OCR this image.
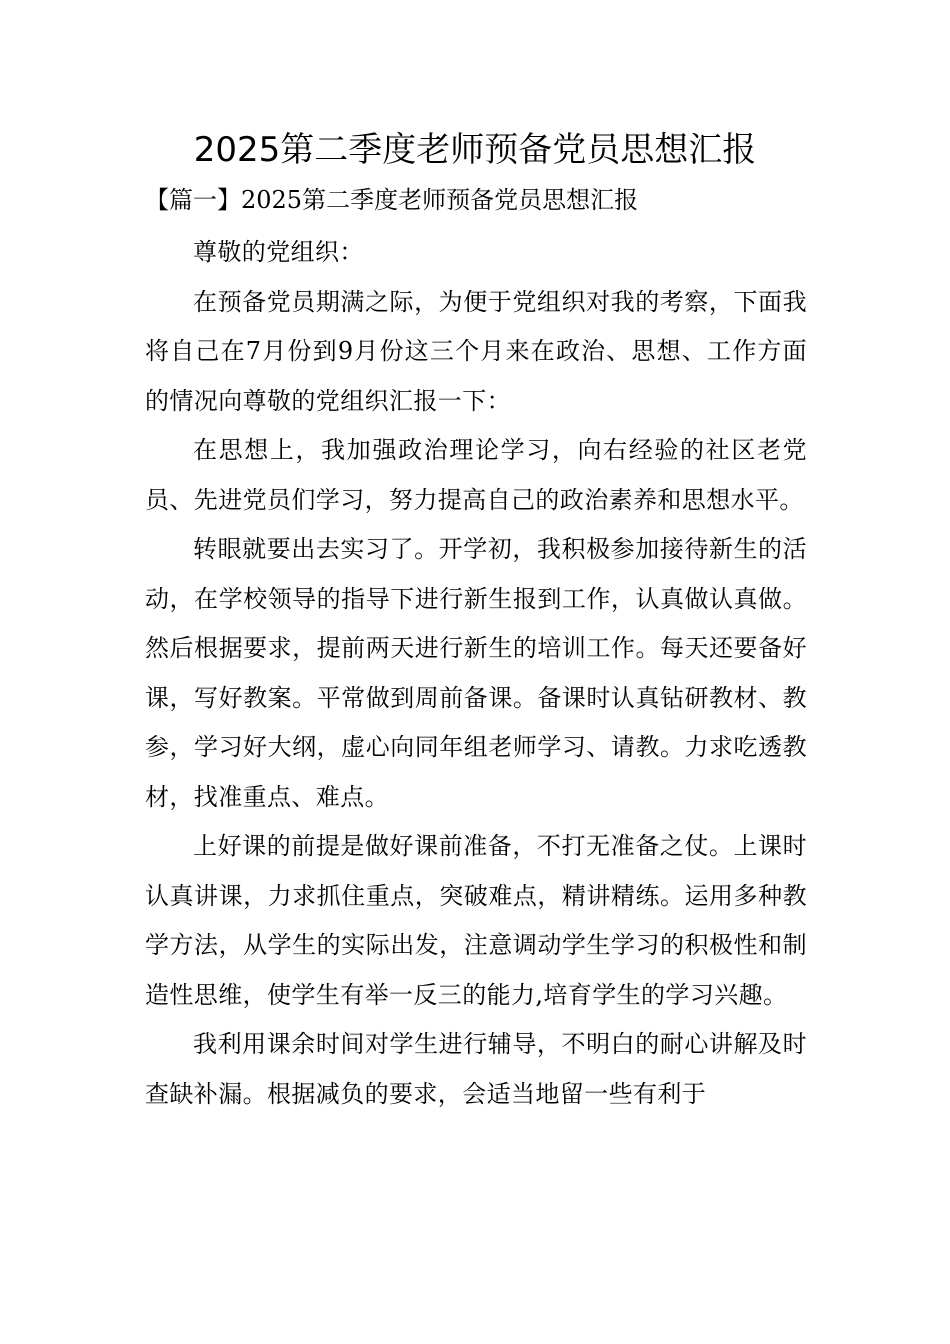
2025第二季度老师预备党员思想汇报
【篇一】2025第二季度老师预备党员思想汇报

尊敬的党组织：

在预备党员期满之际，为便于党组织对我的考察，下面我将自己在7月份到9月份这三个月来在政治、思想、工作方面的情况向尊敬的党组织汇报一下：

在思想上，我加强政治理论学习，向右经验的社区老党员、先进党员们学习，努力提高自己的政治素养和思想水平。

转眼就要出去实习了。开学初，我积极参加接待新生的活动，在学校领导的指导下进行新生报到工作，认真做认真做。然后根据要求，提前两天进行新生的培训工作。每天还要备好课，写好教案。平常做到周前备课。备课时认真钻研教材、教参，学习好大纲，虚心向同年组老师学习、请教。力求吃透教材，找准重点、难点。

上好课的前提是做好课前准备，不打无准备之仗。上课时认真讲课，力求抓住重点，突破难点，精讲精练。运用多种教学方法，从学生的实际出发，注意调动学生学习的积极性和制造性思维，使学生有举一反三的能力,培育学生的学习兴趣。

我利用课余时间对学生进行辅导，不明白的耐心讲解及时查缺补漏。根据减负的要求，会适当地留一些有利于
